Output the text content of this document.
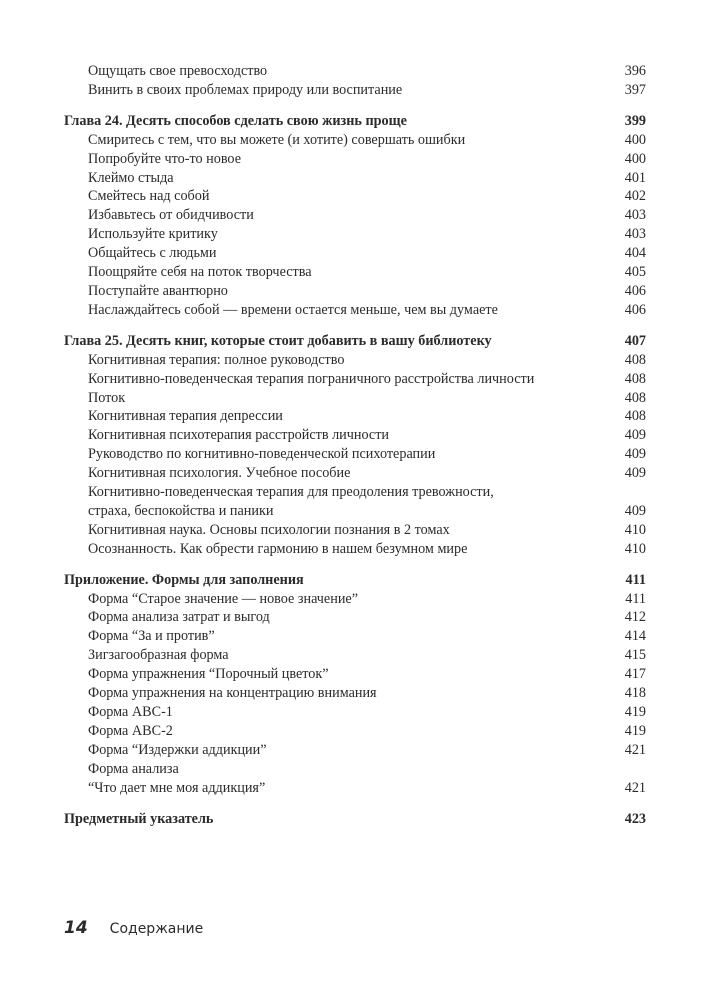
Ощущать свое превосходство	396
Винить в своих проблемах природу или воспитание	397
Глава 24. Десять способов сделать свою жизнь проще	399
Смиритесь с тем, что вы можете (и хотите) совершать ошибки	400
Попробуйте что-то новое	400
Клеймо стыда	401
Смейтесь над собой	402
Избавьтесь от обидчивости	403
Используйте критику	403
Общайтесь с людьми	404
Поощряйте себя на поток творчества	405
Поступайте авантюрно	406
Наслаждайтесь собой — времени остается меньше, чем вы думаете	406
Глава 25. Десять книг, которые стоит добавить в вашу библиотеку	407
Когнитивная терапия: полное руководство	408
Когнитивно-поведенческая терапия пограничного расстройства личности	408
Поток	408
Когнитивная терапия депрессии	408
Когнитивная психотерапия расстройств личности	409
Руководство по когнитивно-поведенческой психотерапии	409
Когнитивная психология. Учебное пособие	409
Когнитивно-поведенческая терапия для преодоления тревожности,
страха, беспокойства и паники	409
Когнитивная наука. Основы психологии познания в 2 томах	410
Осознанность. Как обрести гармонию в нашем безумном мире	410
Приложение. Формы для заполнения	411
Форма “Старое значение — новое значение”	411
Форма анализа затрат и выгод	412
Форма “За и против”	414
Зигзагообразная форма	415
Форма упражнения “Порочный цветок”	417
Форма упражнения на концентрацию внимания	418
Форма АВС-1	419
Форма АВС-2	419
Форма “Издержки аддикции”	421
Форма анализа
“Что дает мне моя аддикция”	421
Предметный указатель	423
14 Содержание
